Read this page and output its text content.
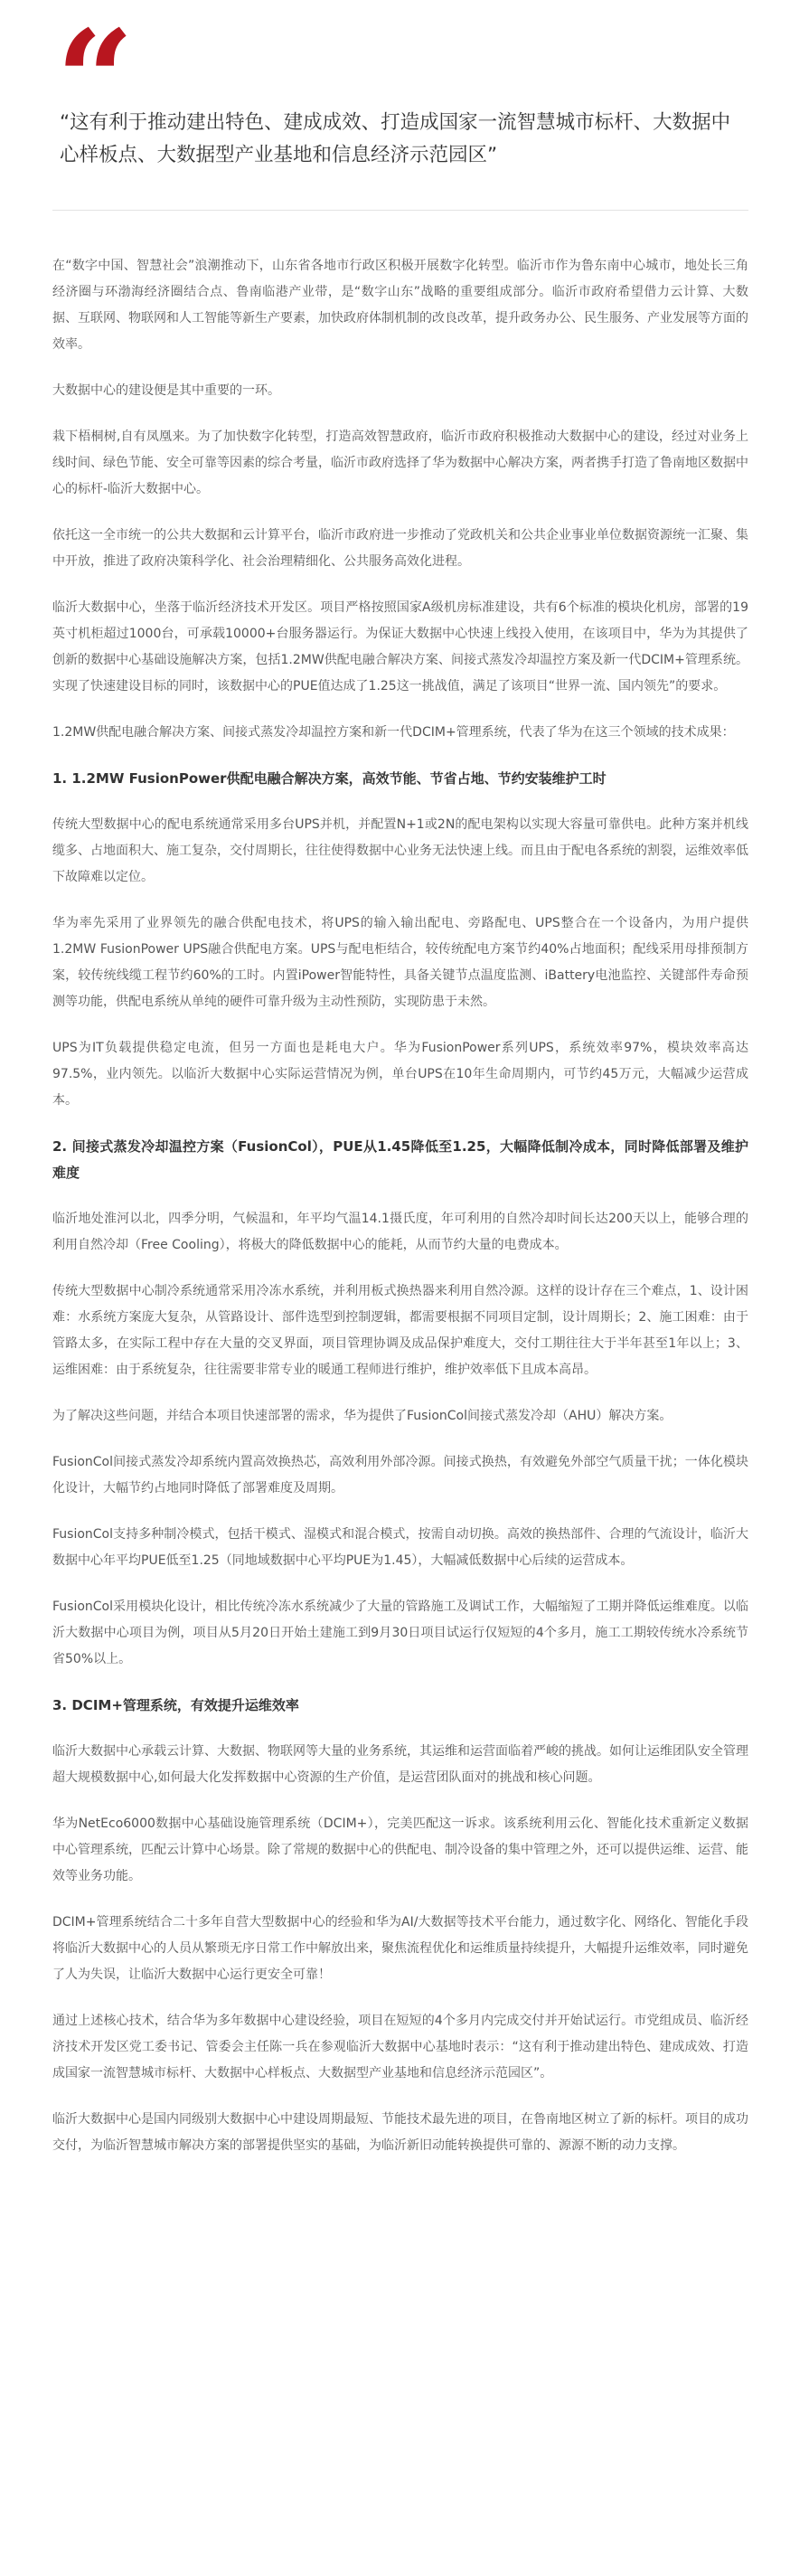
“
“这有利于推动建出特色、建成成效、打造成国家一流智慧城市标杆、大数据中心样板点、大数据型产业基地和信息经济示范园区”

在“数字中国、智慧社会”浪潮推动下，山东省各地市行政区积极开展数字化转型。临沂市作为鲁东南中心城市，地处长三角经济圈与环渤海经济圈结合点、鲁南临港产业带，是“数字山东”战略的重要组成部分。临沂市政府希望借力云计算、大数据、互联网、物联网和人工智能等新生产要素，加快政府体制机制的改良改革，提升政务办公、民生服务、产业发展等方面的效率。

大数据中心的建设便是其中重要的一环。

栽下梧桐树,自有凤凰来。为了加快数字化转型，打造高效智慧政府，临沂市政府积极推动大数据中心的建设，经过对业务上线时间、绿色节能、安全可靠等因素的综合考量，临沂市政府选择了华为数据中心解决方案，两者携手打造了鲁南地区数据中心的标杆-临沂大数据中心。

依托这一全市统一的公共大数据和云计算平台，临沂市政府进一步推动了党政机关和公共企业事业单位数据资源统一汇聚、集中开放，推进了政府决策科学化、社会治理精细化、公共服务高效化进程。

临沂大数据中心，坐落于临沂经济技术开发区。项目严格按照国家A级机房标准建设，共有6个标准的模块化机房，部署的19英寸机柜超过1000台，可承载10000+台服务器运行。为保证大数据中心快速上线投入使用，在该项目中，华为为其提供了创新的数据中心基础设施解决方案，包括1.2MW供配电融合解决方案、间接式蒸发冷却温控方案及新一代DCIM+管理系统。实现了快速建设目标的同时，该数据中心的PUE值达成了1.25这一挑战值，满足了该项目“世界一流、国内领先”的要求。

1.2MW供配电融合解决方案、间接式蒸发冷却温控方案和新一代DCIM+管理系统，代表了华为在这三个领域的技术成果：

1. 1.2MW FusionPower供配电融合解决方案，高效节能、节省占地、节约安装维护工时

传统大型数据中心的配电系统通常采用多台UPS并机，并配置N+1或2N的配电架构以实现大容量可靠供电。此种方案并机线缆多、占地面积大、施工复杂，交付周期长，往往使得数据中心业务无法快速上线。而且由于配电各系统的割裂，运维效率低下故障难以定位。

华为率先采用了业界领先的融合供配电技术，将UPS的输入输出配电、旁路配电、UPS整合在一个设备内，为用户提供1.2MW FusionPower UPS融合供配电方案。UPS与配电柜结合，较传统配电方案节约40%占地面积；配线采用母排预制方案，较传统线缆工程节约60%的工时。内置iPower智能特性，具备关键节点温度监测、iBattery电池监控、关键部件寿命预测等功能，供配电系统从单纯的硬件可靠升级为主动性预防，实现防患于未然。

UPS为IT负载提供稳定电流，但另一方面也是耗电大户。华为FusionPower系列UPS，系统效率97%，模块效率高达97.5%，业内领先。以临沂大数据中心实际运营情况为例，单台UPS在10年生命周期内，可节约45万元，大幅减少运营成本。

2. 间接式蒸发冷却温控方案（FusionCol），PUE从1.45降低至1.25，大幅降低制冷成本，同时降低部署及维护难度

临沂地处淮河以北，四季分明，气候温和，年平均气温14.1摄氏度，年可利用的自然冷却时间长达200天以上，能够合理的利用自然冷却（Free Cooling），将极大的降低数据中心的能耗，从而节约大量的电费成本。

传统大型数据中心制冷系统通常采用冷冻水系统，并利用板式换热器来利用自然冷源。这样的设计存在三个难点，1、设计困难：水系统方案庞大复杂，从管路设计、部件选型到控制逻辑，都需要根据不同项目定制，设计周期长；2、施工困难：由于管路太多，在实际工程中存在大量的交叉界面，项目管理协调及成品保护难度大，交付工期往往大于半年甚至1年以上；3、运维困难：由于系统复杂，往往需要非常专业的暖通工程师进行维护，维护效率低下且成本高昂。

为了解决这些问题，并结合本项目快速部署的需求，华为提供了FusionCol间接式蒸发冷却（AHU）解决方案。

FusionCol间接式蒸发冷却系统内置高效换热芯，高效利用外部冷源。间接式换热，有效避免外部空气质量干扰；一体化模块化设计，大幅节约占地同时降低了部署难度及周期。

FusionCol支持多种制冷模式，包括干模式、湿模式和混合模式，按需自动切换。高效的换热部件、合理的气流设计，临沂大数据中心年平均PUE低至1.25（同地域数据中心平均PUE为1.45），大幅减低数据中心后续的运营成本。

FusionCol采用模块化设计，相比传统冷冻水系统减少了大量的管路施工及调试工作，大幅缩短了工期并降低运维难度。以临沂大数据中心项目为例，项目从5月20日开始土建施工到9月30日项目试运行仅短短的4个多月，施工工期较传统水冷系统节省50%以上。

3. DCIM+管理系统，有效提升运维效率

临沂大数据中心承载云计算、大数据、物联网等大量的业务系统，其运维和运营面临着严峻的挑战。如何让运维团队安全管理超大规模数据中心,如何最大化发挥数据中心资源的生产价值，是运营团队面对的挑战和核心问题。

华为NetEco6000数据中心基础设施管理系统（DCIM+），完美匹配这一诉求。该系统利用云化、智能化技术重新定义数据中心管理系统，匹配云计算中心场景。除了常规的数据中心的供配电、制冷设备的集中管理之外，还可以提供运维、运营、能效等业务功能。

DCIM+管理系统结合二十多年自营大型数据中心的经验和华为AI/大数据等技术平台能力，通过数字化、网络化、智能化手段将临沂大数据中心的人员从繁琐无序日常工作中解放出来，聚焦流程优化和运维质量持续提升，大幅提升运维效率，同时避免了人为失误，让临沂大数据中心运行更安全可靠！

通过上述核心技术，结合华为多年数据中心建设经验，项目在短短的4个多月内完成交付并开始试运行。市党组成员、临沂经济技术开发区党工委书记、管委会主任陈一兵在参观临沂大数据中心基地时表示：“这有利于推动建出特色、建成成效、打造成国家一流智慧城市标杆、大数据中心样板点、大数据型产业基地和信息经济示范园区”。

临沂大数据中心是国内同级别大数据中心中建设周期最短、节能技术最先进的项目，在鲁南地区树立了新的标杆。项目的成功交付，为临沂智慧城市解决方案的部署提供坚实的基础，为临沂新旧动能转换提供可靠的、源源不断的动力支撑。
